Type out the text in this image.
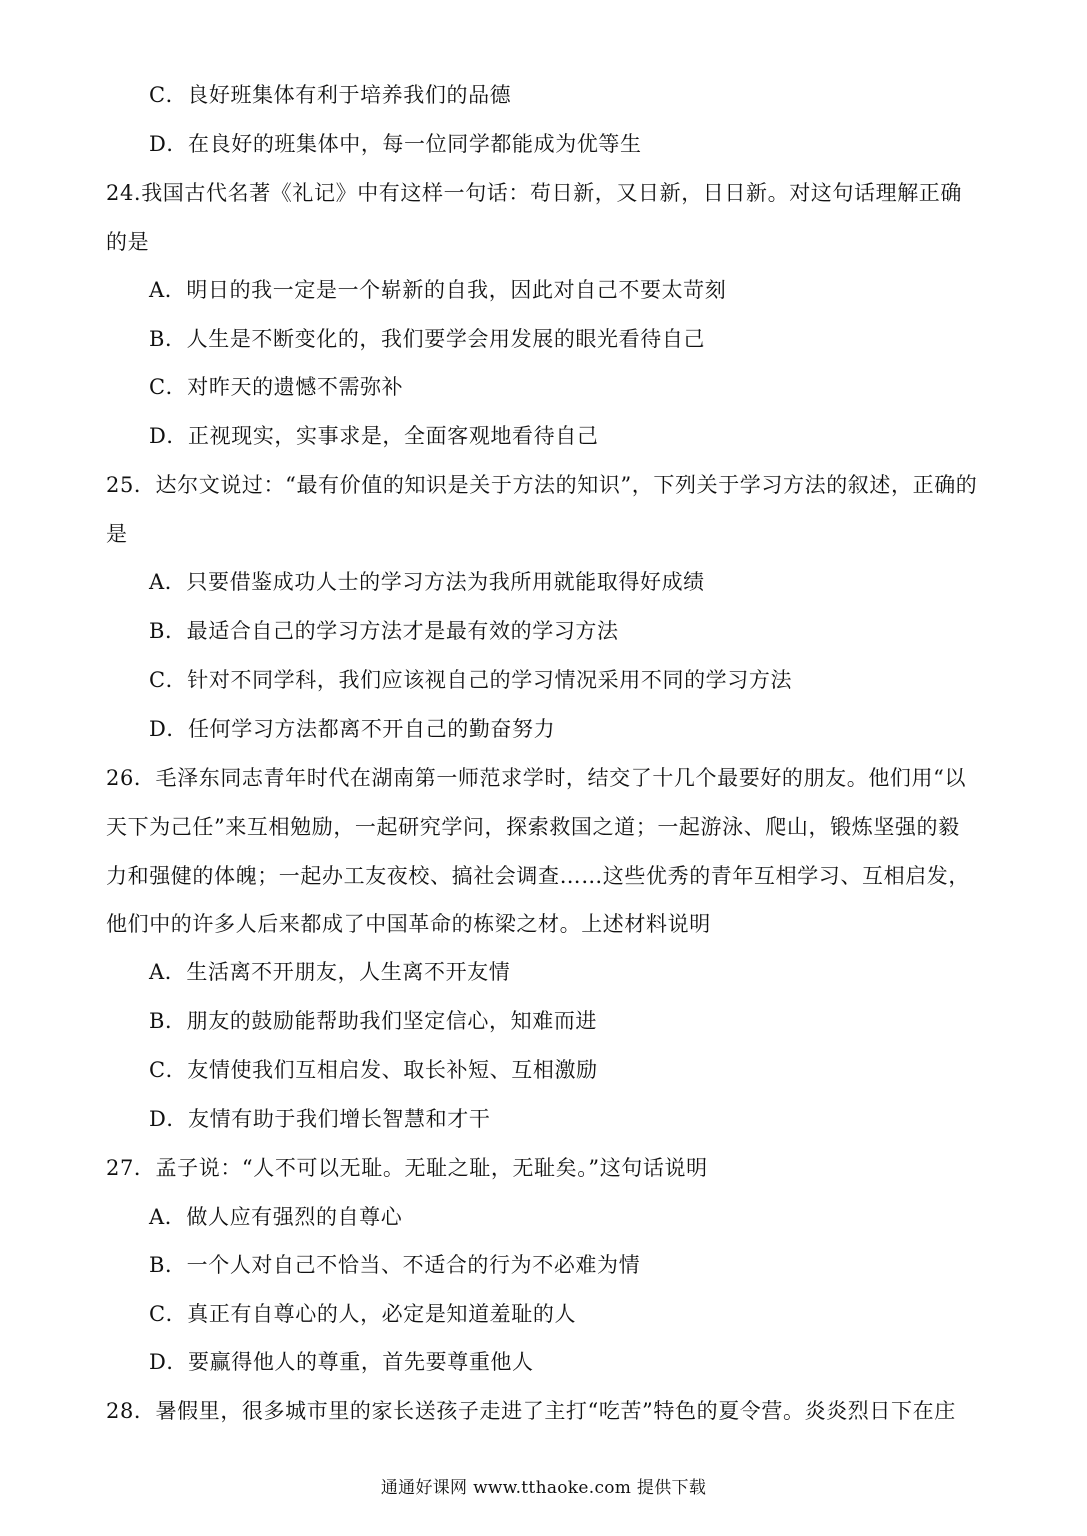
C．良好班集体有利于培养我们的品德
D．在良好的班集体中，每一位同学都能成为优等生
24.我国古代名著《礼记》中有这样一句话：苟日新，又日新，日日新。对这句话理解正确
的是
A．明日的我一定是一个崭新的自我，因此对自己不要太苛刻
B．人生是不断变化的，我们要学会用发展的眼光看待自己
C．对昨天的遗憾不需弥补
D．正视现实，实事求是，全面客观地看待自己
25．达尔文说过：“最有价值的知识是关于方法的知识”，下列关于学习方法的叙述，正确的
是
A．只要借鉴成功人士的学习方法为我所用就能取得好成绩
B．最适合自己的学习方法才是最有效的学习方法
C．针对不同学科，我们应该视自己的学习情况采用不同的学习方法
D．任何学习方法都离不开自己的勤奋努力
26．毛泽东同志青年时代在湖南第一师范求学时，结交了十几个最要好的朋友。他们用“以
天下为己任”来互相勉励，一起研究学问，探索救国之道；一起游泳、爬山，锻炼坚强的毅
力和强健的体魄；一起办工友夜校、搞社会调查……这些优秀的青年互相学习、互相启发，
他们中的许多人后来都成了中国革命的栋梁之材。上述材料说明
A．生活离不开朋友，人生离不开友情
B．朋友的鼓励能帮助我们坚定信心，知难而进
C．友情使我们互相启发、取长补短、互相激励
D．友情有助于我们增长智慧和才干
27．孟子说：“人不可以无耻。无耻之耻，无耻矣。”这句话说明
A．做人应有强烈的自尊心
B．一个人对自己不恰当、不适合的行为不必难为情
C．真正有自尊心的人，必定是知道羞耻的人
D．要赢得他人的尊重，首先要尊重他人
28．暑假里，很多城市里的家长送孩子走进了主打“吃苦”特色的夏令营。炎炎烈日下在庄
通通好课网 www.tthaoke.com 提供下载
